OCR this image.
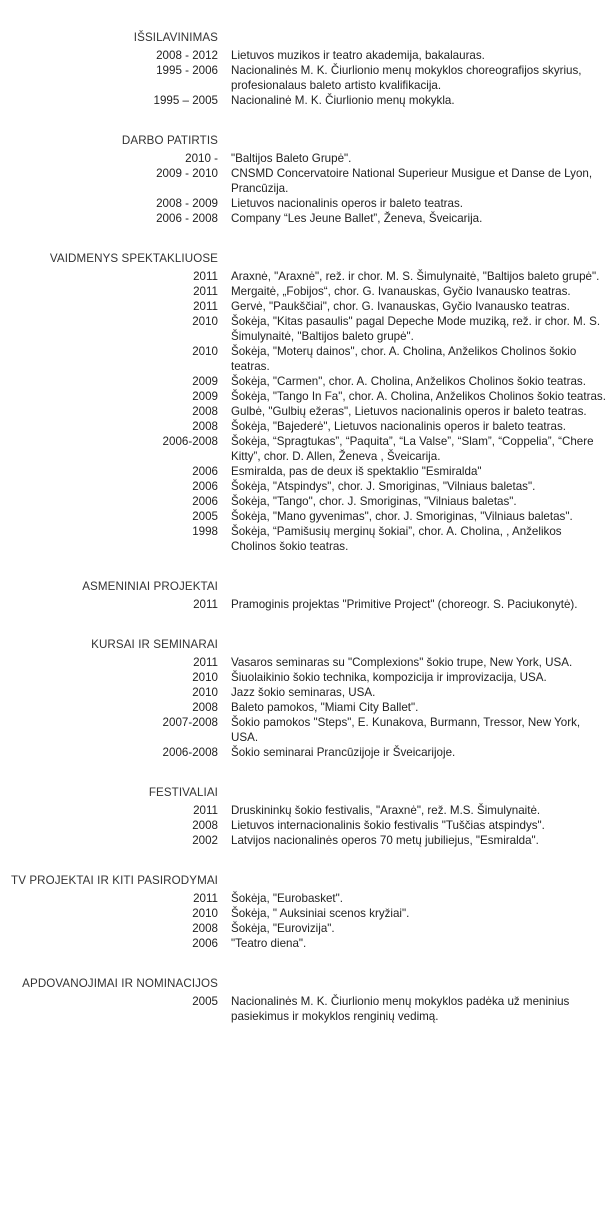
IŠSILAVINIMAS
2008 - 2012 Lietuvos muzikos ir teatro akademija, bakalauras.
1995 - 2006 Nacionalinės M. K. Čiurlionio menų mokyklos choreografijos skyrius, profesionalaus baleto artisto kvalifikacija.
1995 – 2005 Nacionalinė M. K. Čiurlionio menų mokykla.
DARBO PATIRTIS
2010 - "Baltijos Baleto Grupė".
2009 - 2010 CNSMD Concervatoire National Superieur Musigue et Danse de Lyon, Prancūzija.
2008 - 2009 Lietuvos nacionalinis operos ir baleto teatras.
2006 - 2008 Company “Les Jeune Ballet”, Ženeva, Šveicarija.
VAIDMENYS SPEKTAKLIUOSE
2011 Araxnė, "Araxnė", rež. ir chor. M. S. Šimulynaitė, "Baltijos baleto grupė".
2011 Mergaitė, „Fobijos“, chor. G. Ivanauskas, Gyčio Ivanausko teatras.
2011 Gervė, "Paukščiai", chor. G. Ivanauskas, Gyčio Ivanausko teatras.
2010 Šokėja, "Kitas pasaulis" pagal Depeche Mode muziką, rež. ir chor. M. S. Šimulynaitė, "Baltijos baleto grupė".
2010 Šokėja, "Moterų dainos", chor. A. Cholina, Anželikos Cholinos šokio teatras.
2009 Šokėja, "Carmen", chor. A. Cholina, Anželikos Cholinos šokio teatras.
2009 Šokėja, "Tango In Fa", chor. A. Cholina, Anželikos Cholinos šokio teatras.
2008 Gulbė, "Gulbių ežeras", Lietuvos nacionalinis operos ir baleto teatras.
2008 Šokėja, "Bajederė", Lietuvos nacionalinis operos ir baleto teatras.
2006-2008 Šokėja, “Spragtukas”, “Paquita”, “La Valse”, “Slam”, “Coppelia”, “Chere Kitty”, chor. D. Allen, Ženeva , Šveicarija.
2006 Esmiralda, pas de deux iš spektaklio "Esmiralda"
2006 Šokėja, "Atspindys", chor. J. Smoriginas, "Vilniaus baletas".
2006 Šokėja, "Tango", chor. J. Smoriginas, "Vilniaus baletas".
2005 Šokėja, "Mano gyvenimas", chor. J. Smoriginas, "Vilniaus baletas".
1998 Šokėja, “Pamišusių merginų šokiai”, chor. A. Cholina, , Anželikos Cholinos šokio teatras.
ASMENINIAI PROJEKTAI
2011 Pramoginis projektas "Primitive Project" (choreogr. S. Paciukonytė).
KURSAI IR SEMINARAI
2011 Vasaros seminaras su "Complexions" šokio trupe, New York, USA.
2010 Šiuolaikinio šokio technika, kompozicija ir improvizacija, USA.
2010 Jazz šokio seminaras, USA.
2008 Baleto pamokos, "Miami City Ballet".
2007-2008 Šokio pamokos "Steps", E. Kunakova, Burmann, Tressor, New York, USA.
2006-2008 Šokio seminarai Prancūzijoje ir Šveicarijoje.
FESTIVALIAI
2011 Druskininkų šokio festivalis, "Araxnė", rež. M.S. Šimulynaitė.
2008 Lietuvos internacionalinis šokio festivalis "Tuščias atspindys".
2002 Latvijos nacionalinės operos 70 metų jubiliejus, "Esmiralda".
TV PROJEKTAI IR KITI PASIRODYMAI
2011 Šokėja, "Eurobasket".
2010 Šokėja, " Auksiniai scenos kryžiai".
2008 Šokėja, "Eurovizija".
2006 "Teatro diena".
APDOVANOJIMAI IR NOMINACIJOS
2005 Nacionalinės M. K. Čiurlionio menų mokyklos padėka už meninius pasiekimus ir mokyklos renginių vedimą.
